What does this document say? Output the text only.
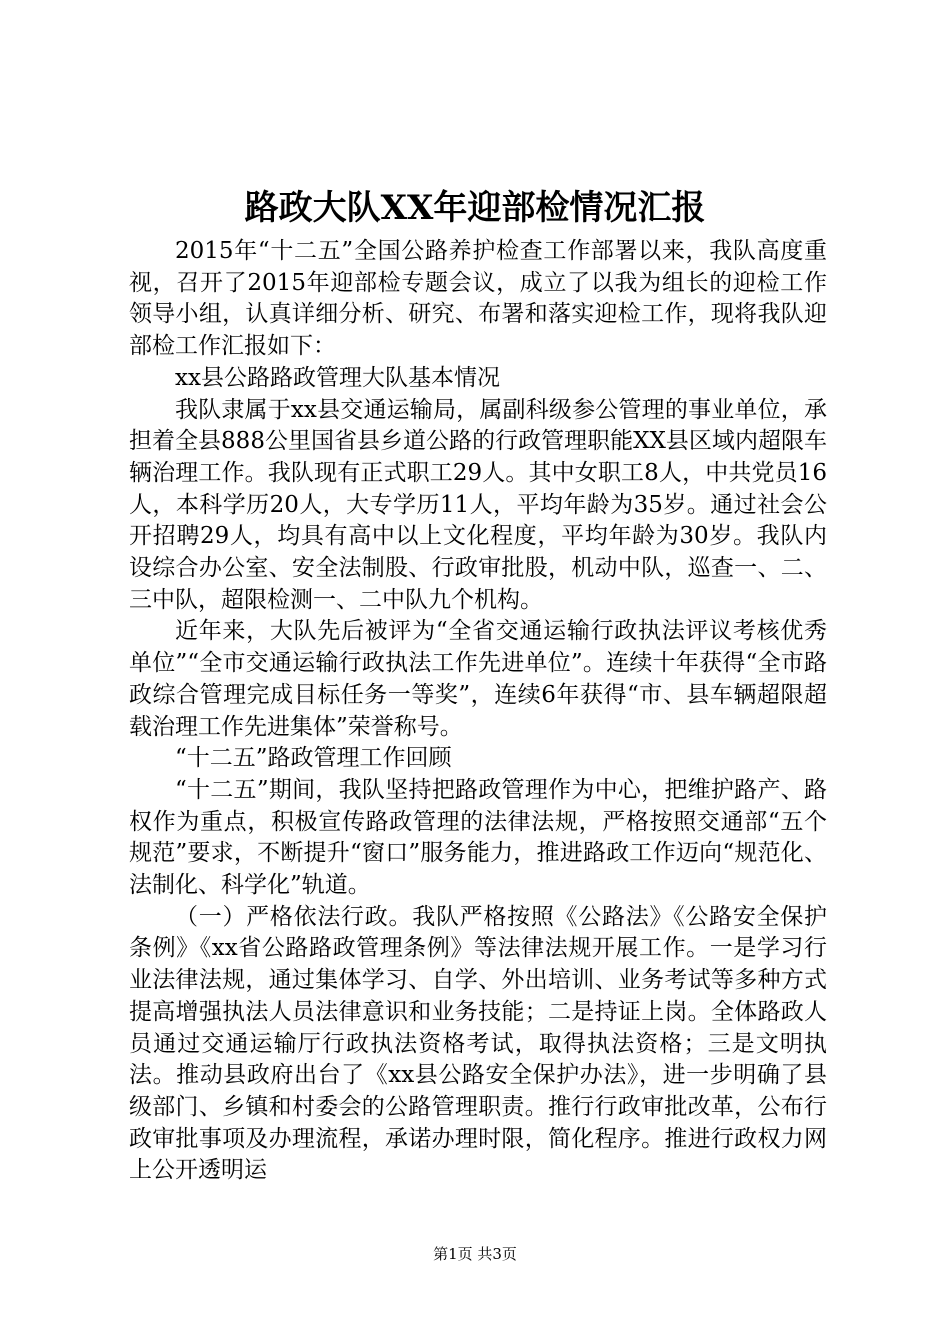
路政大队XX年迎部检情况汇报

2015年“十二五”全国公路养护检查工作部署以来，我队高度重视，召开了2015年迎部检专题会议，成立了以我为组长的迎检工作领导小组，认真详细分析、研究、布署和落实迎检工作，现将我队迎部检工作汇报如下：

xx县公路路政管理大队基本情况

我队隶属于xx县交通运输局，属副科级参公管理的事业单位，承担着全县888公里国省县乡道公路的行政管理职能XX县区域内超限车辆治理工作。我队现有正式职工29人。其中女职工8人，中共党员16人，本科学历20人，大专学历11人，平均年龄为35岁。通过社会公开招聘29人，均具有高中以上文化程度，平均年龄为30岁。我队内设综合办公室、安全法制股、行政审批股，机动中队，巡查一、二、三中队，超限检测一、二中队九个机构。

近年来，大队先后被评为“全省交通运输行政执法评议考核优秀单位”“全市交通运输行政执法工作先进单位”。连续十年获得“全市路政综合管理完成目标任务一等奖”，连续6年获得“市、县车辆超限超载治理工作先进集体”荣誉称号。

“十二五”路政管理工作回顾

“十二五”期间，我队坚持把路政管理作为中心，把维护路产、路权作为重点，积极宣传路政管理的法律法规，严格按照交通部“五个规范”要求，不断提升“窗口”服务能力，推进路政工作迈向“规范化、法制化、科学化”轨道。

（一）严格依法行政。我队严格按照《公路法》《公路安全保护条例》《xx省公路路政管理条例》等法律法规开展工作。一是学习行业法律法规，通过集体学习、自学、外出培训、业务考试等多种方式提高增强执法人员法律意识和业务技能；二是持证上岗。全体路政人员通过交通运输厅行政执法资格考试，取得执法资格；三是文明执法。推动县政府出台了《xx县公路安全保护办法》，进一步明确了县级部门、乡镇和村委会的公路管理职责。推行行政审批改革，公布行政审批事项及办理流程，承诺办理时限，简化程序。推进行政权力网上公开透明运

第1页 共3页
